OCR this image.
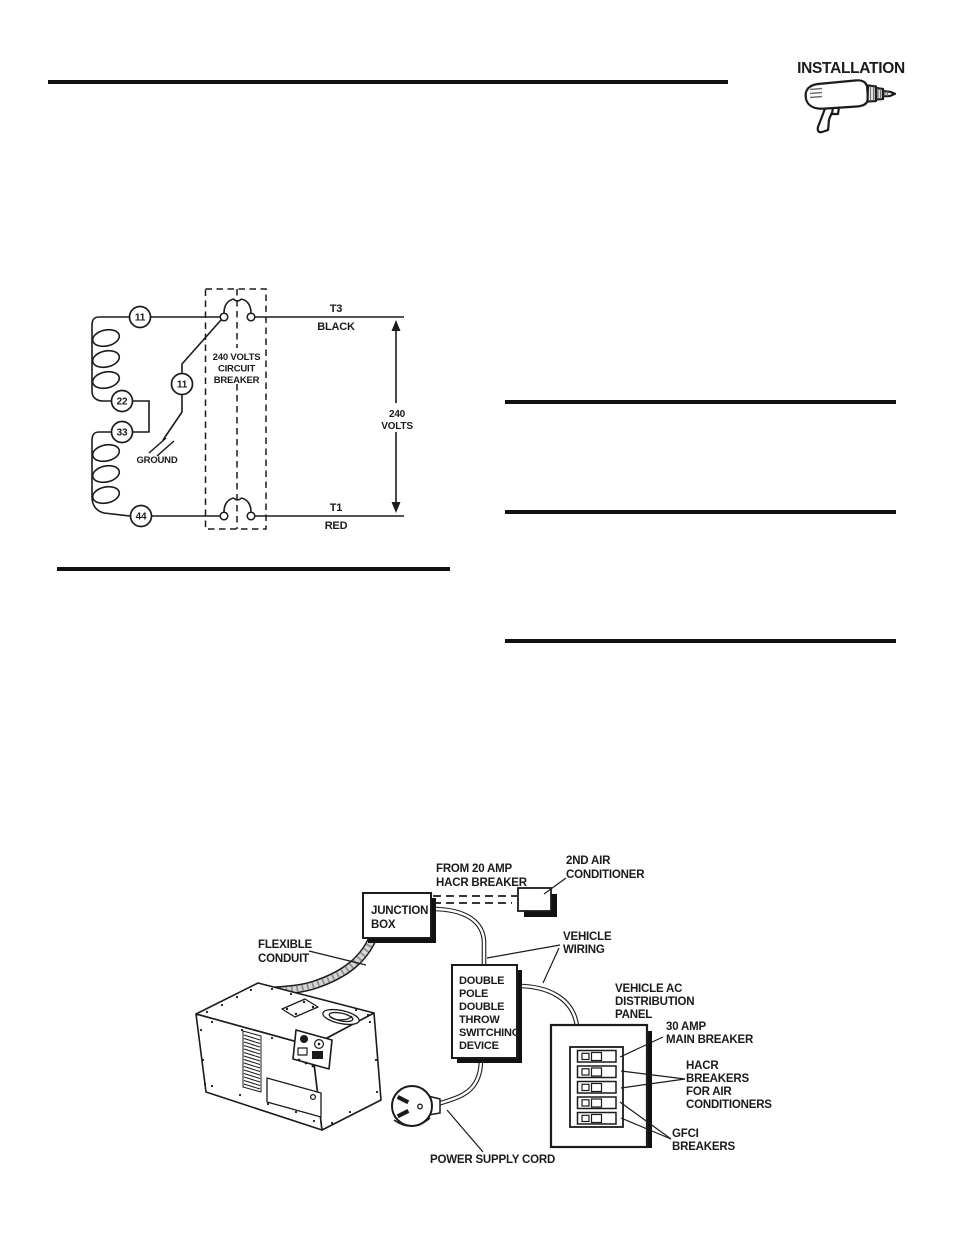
INSTALLATION
GROUND
240 VOLTS
CIRCUIT
BREAKER
11
11
22
33
44
T3
BLACK
T1
RED
240
VOLTS
JUNCTION
BOX
DOUBLE
POLE
DOUBLE
THROW
SWITCHING
DEVICE
FROM 20 AMP
HACR BREAKER
2ND AIR
CONDITIONER
FLEXIBLE
CONDUIT
VEHICLE
WIRING
VEHICLE AC
DISTRIBUTION
PANEL
30 AMP
MAIN BREAKER
HACR
BREAKERS
FOR AIR
CONDITIONERS
GFCI
BREAKERS
POWER SUPPLY CORD
